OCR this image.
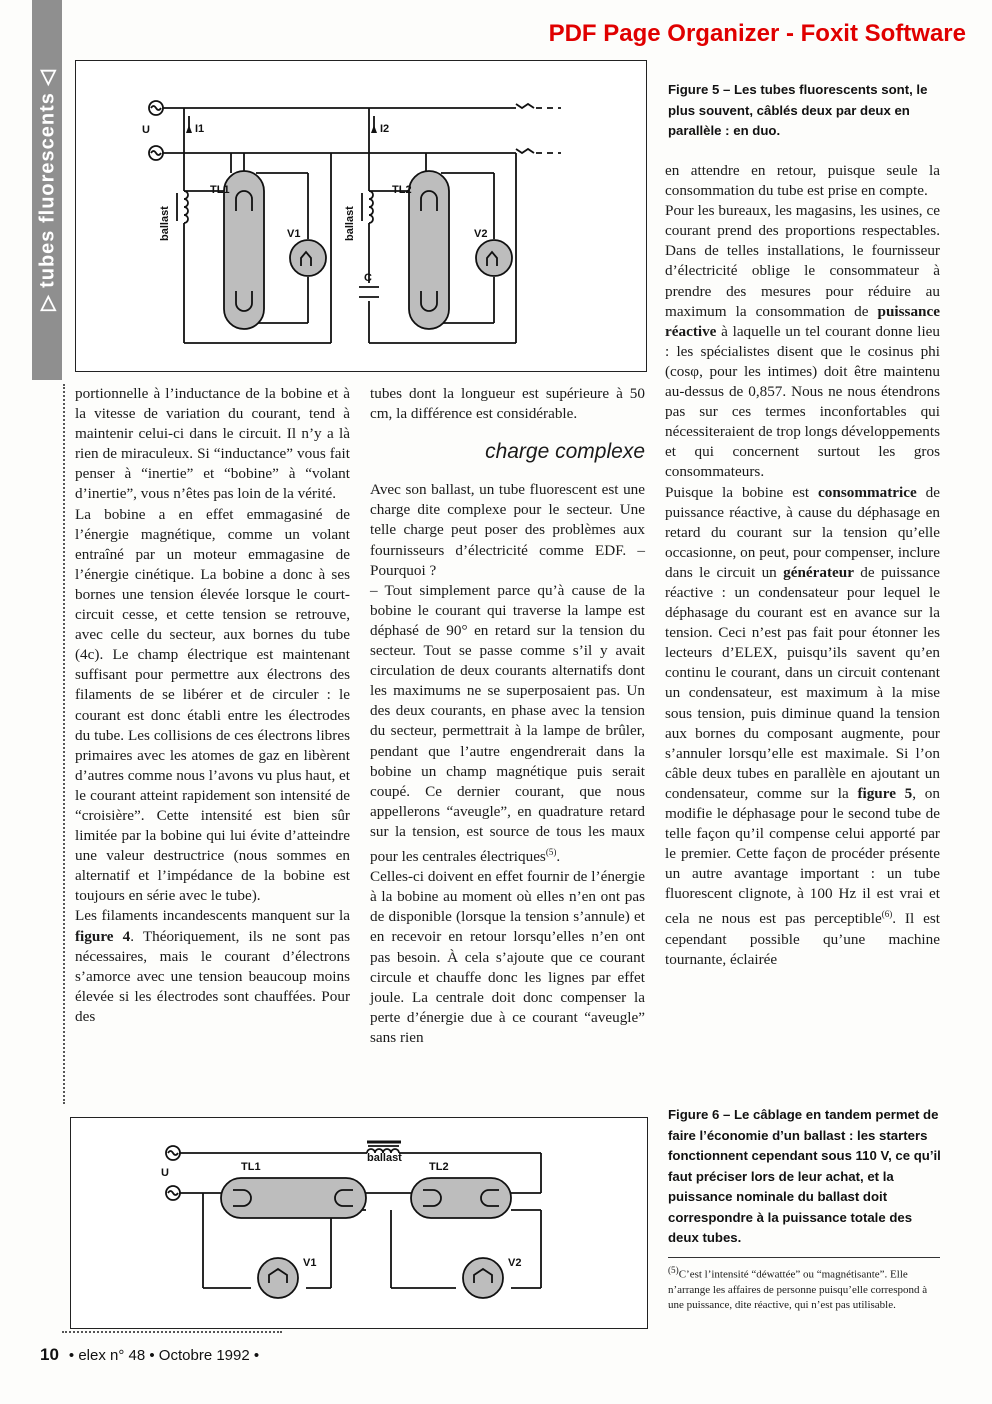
PDF Page Organizer - Foxit Software
▷ tubes fluorescents ◁	U	I1	I2
ballast	ballast
TL1	TL2
V1	V2
C
Figure 5 – Les tubes fluorescents sont, le plus souvent, câblés deux par deux en parallèle : en duo.

portionnelle à l’inductance de la bobine et à la vitesse de variation du courant, tend à maintenir celui-ci dans le circuit. Il n’y a là rien de miraculeux. Si “inductance” vous fait penser à “inertie” et “bobine” à “volant d’inertie”, vous n’êtes pas loin de la vérité.

La bobine a en effet emmagasiné de l’énergie magnétique, comme un volant entraîné par un moteur emmagasine de l’énergie cinétique. La bobine a donc à ses bornes une tension élevée lorsque le court-circuit cesse, et cette tension se retrouve, avec celle du secteur, aux bornes du tube (4c). Le champ électrique est maintenant suffisant pour permettre aux électrons des filaments de se libérer et de circuler : le courant est donc établi entre les électrodes du tube. Les collisions de ces électrons libres primaires avec les atomes de gaz en libèrent d’autres comme nous l’avons vu plus haut, et le courant atteint rapidement son intensité de “croisière”. Cette intensité est bien sûr limitée par la bobine qui lui évite d’atteindre une valeur destructrice (nous sommes en alternatif et l’impédance de la bobine est toujours en série avec le tube).

Les filaments incandescents manquent sur la figure 4. Théoriquement, ils ne sont pas nécessaires, mais le courant d’électrons s’amorce avec une tension beaucoup moins élevée si les électrodes sont chauffées. Pour des

tubes dont la longueur est supérieure à 50 cm, la différence est considérable.

charge complexe

Avec son ballast, un tube fluorescent est une charge dite complexe pour le secteur. Une telle charge peut poser des problèmes aux fournisseurs d’électricité comme EDF. – Pourquoi ?

– Tout simplement parce qu’à cause de la bobine le courant qui traverse la lampe est déphasé de 90° en retard sur la tension du secteur. Tout se passe comme s’il y avait circulation de deux courants alternatifs dont les maximums ne se superposaient pas. Un des deux courants, en phase avec la tension du secteur, permettrait à la lampe de brûler, pendant que l’autre engendrerait dans la bobine un champ magnétique puis serait coupé. Ce dernier courant, que nous appellerons “aveugle”, en quadrature retard sur la tension, est source de tous les maux pour les centrales électriques$^{(5)}$.

Celles-ci doivent en effet fournir de l’énergie à la bobine au moment où elles n’en ont pas de disponible (lorsque la tension s’annule) et en recevoir en retour lorsqu’elles n’en ont pas besoin. À cela s’ajoute que ce courant circule et chauffe donc les lignes par effet joule. La centrale doit donc compenser la perte d’énergie due à ce courant “aveugle” sans rien

en attendre en retour, puisque seule la consommation du tube est prise en compte.

Pour les bureaux, les magasins, les usines, ce courant prend des proportions respectables. Dans de telles installations, le fournisseur d’électricité oblige le consommateur à prendre des mesures pour réduire au maximum la consommation de puissance réactive à laquelle un tel courant donne lieu : les spécialistes disent que le cosinus phi (cosφ, pour les intimes) doit être maintenu au-dessus de 0,857. Nous ne nous étendrons pas sur ces termes inconfortables qui nécessiteraient de trop longs développements et qui concernent surtout les gros consommateurs.

Puisque la bobine est consommatrice de puissance réactive, à cause du déphasage en retard du courant sur la tension qu’elle occasionne, on peut, pour compenser, inclure dans le circuit un générateur de puissance réactive : un condensateur pour lequel le déphasage du courant est en avance sur la tension. Ceci n’est pas fait pour étonner les lecteurs d’ELEX, puisqu’ils savent qu’en continu le courant, dans un circuit contenant un condensateur, est maximum à la mise sous tension, puis diminue quand la tension aux bornes du composant augmente, pour s’annuler lorsqu’elle est maximale. Si l’on câble deux tubes en parallèle en ajoutant un condensateur, comme sur la figure 5, on modifie le déphasage pour le second tube de telle façon qu’il compense celui apporté par le premier. Cette façon de procéder présente un autre avantage important : un tube fluorescent clignote, à 100 Hz il est vrai et cela ne nous est pas perceptible$^{(6)}$. Il est cependant possible qu’une machine tournante, éclairée

U
ballast
TL1	TL2
V1	V2
Figure 6 – Le câblage en tandem permet de faire l’économie d’un ballast : les starters fonctionnent cependant sous 110 V, ce qu’il faut préciser lors de leur achat, et la puissance nominale du ballast doit correspondre à la puissance totale des deux tubes.
$^{(5)}$C’est l’intensité “déwattée” ou “magnétisante”. Elle n’arrange les affaires de personne puisqu’elle correspond à une puissance, dite réactive, qui n’est pas utilisable.
10 • elex n° 48 • Octobre 1992 •
